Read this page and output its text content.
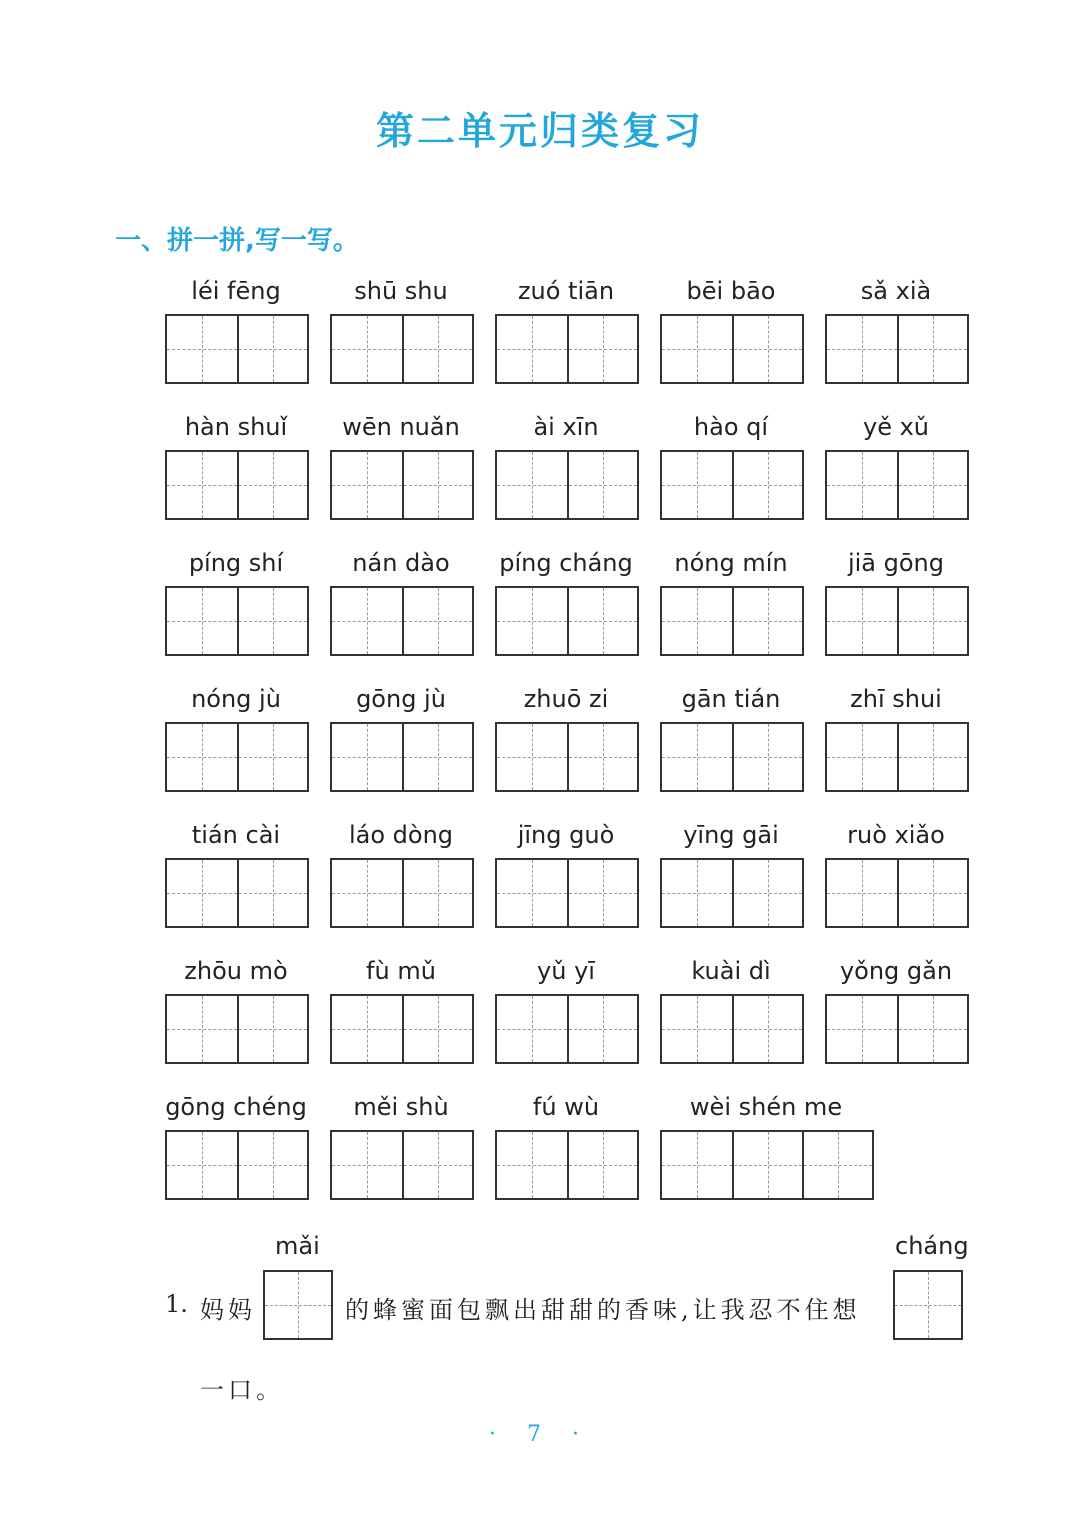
第二单元归类复习
一、拼一拼,写一写。
léi fēng	shū shu	zuó tiān	bēi bāo	sǎ xià
hàn shuǐ	wēn nuǎn	ài xīn	hào qí	yě xǔ
píng shí	nán dào	píng cháng	nóng mín	jiā gōng
nóng jù	gōng jù	zhuō zi	gān tián	zhī shui
tián cài	láo dòng	jīng guò	yīng gāi	ruò xiǎo
zhōu mò	fù mǔ	yǔ yī	kuài dì	yǒng gǎn
gōng chéng	měi shù	fú wù	wèi shén me
1. 妈妈
mǎi
的蜂蜜面包飘出甜甜的香味,让我忍不住想
cháng
一口。
· 7 ·
